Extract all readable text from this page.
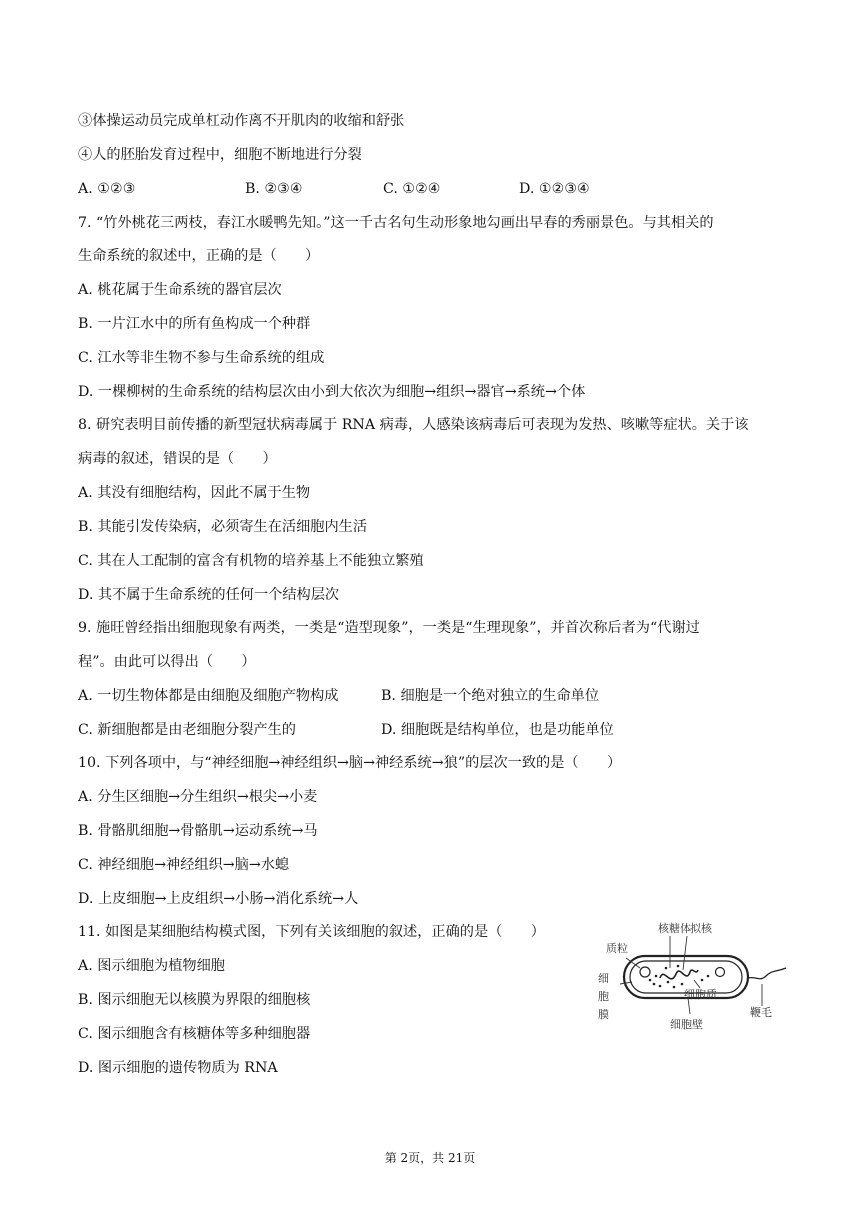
③体操运动员完成单杠动作离不开肌肉的收缩和舒张
④人的胚胎发育过程中，细胞不断地进行分裂
A. ①②③	B. ②③④	C. ①②④	D. ①②③④
7. “竹外桃花三两枝，春江水暖鸭先知。”这一千古名句生动形象地勾画出早春的秀丽景色。与其相关的
生命系统的叙述中，正确的是（　　）
A. 桃花属于生命系统的器官层次
B. 一片江水中的所有鱼构成一个种群
C. 江水等非生物不参与生命系统的组成
D. 一棵柳树的生命系统的结构层次由小到大依次为细胞→组织→器官→系统→个体
8. 研究表明目前传播的新型冠状病毒属于 RNA 病毒，人感染该病毒后可表现为发热、咳嗽等症状。关于该
病毒的叙述，错误的是（　　）
A. 其没有细胞结构，因此不属于生物
B. 其能引发传染病，必须寄生在活细胞内生活
C. 其在人工配制的富含有机物的培养基上不能独立繁殖
D. 其不属于生命系统的任何一个结构层次
9. 施旺曾经指出细胞现象有两类，一类是“造型现象”，一类是“生理现象”，并首次称后者为“代谢过
程”。由此可以得出（　　）
A. 一切生物体都是由细胞及细胞产物构成	B. 细胞是一个绝对独立的生命单位
C. 新细胞都是由老细胞分裂产生的	D. 细胞既是结构单位，也是功能单位
10. 下列各项中，与“神经细胞→神经组织→脑→神经系统→狼”的层次一致的是（　　）
A. 分生区细胞→分生组织→根尖→小麦
B. 骨骼肌细胞→骨骼肌→运动系统→马
C. 神经细胞→神经组织→脑→水螅
D. 上皮细胞→上皮组织→小肠→消化系统→人
11. 如图是某细胞结构模式图，下列有关该细胞的叙述，正确的是（　　）
A. 图示细胞为植物细胞
B. 图示细胞无以核膜为界限的细胞核
C. 图示细胞含有核糖体等多种细胞器
D. 图示细胞的遗传物质为 RNA
核糖体 拟核
质粒
细
胞
膜
细胞质
鞭毛
细胞壁
第 2页，共 21页
